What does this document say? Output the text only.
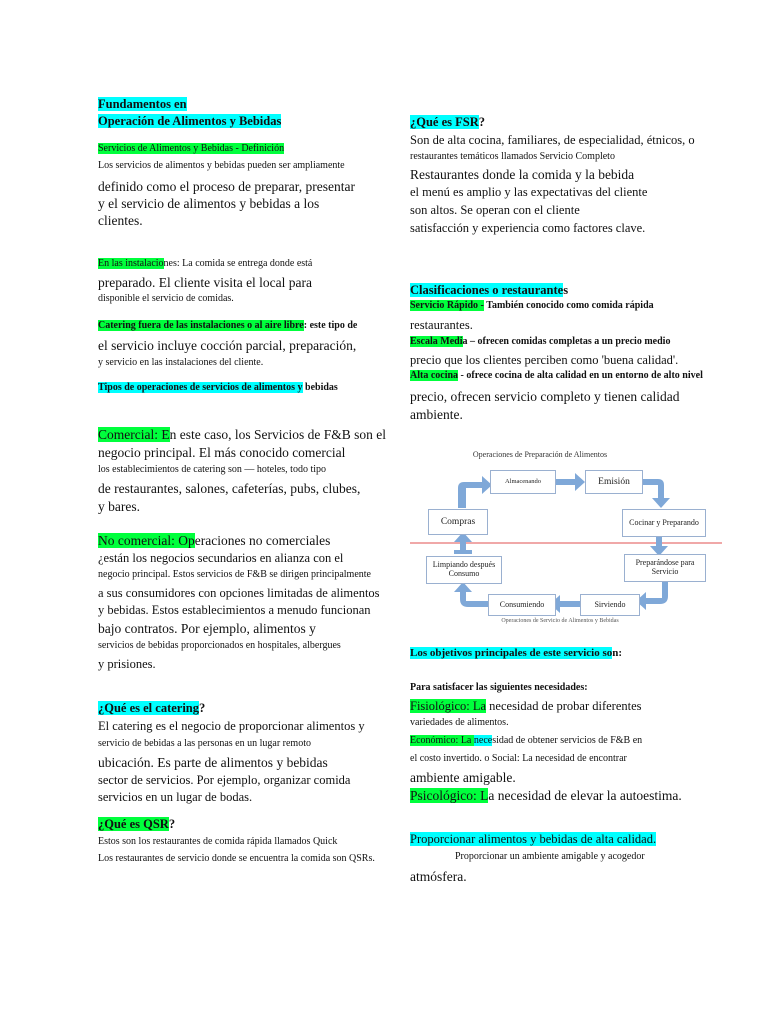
Fundamentos en
Operación de Alimentos y Bebidas
Servicios de Alimentos y Bebidas - Definición
Los servicios de alimentos y bebidas pueden ser ampliamente
definido como el proceso de preparar, presentar
y el servicio de alimentos y bebidas a los
clientes.
En las instalaciones: La comida se entrega donde está
preparado. El cliente visita el local para
disponible el servicio de comidas.
Catering fuera de las instalaciones o al aire libre: este tipo de
el servicio incluye cocción parcial, preparación,
y servicio en las instalaciones del cliente.
Tipos de operaciones de servicios de alimentos y bebidas
Comercial: En este caso, los Servicios de F&B son el
negocio principal. El más conocido comercial
los establecimientos de catering son — hoteles, todo tipo
de restaurantes, salones, cafeterías, pubs, clubes,
y bares.
No comercial: Operaciones no comerciales
¿están los negocios secundarios en alianza con el
negocio principal. Estos servicios de F&B se dirigen principalmente
a sus consumidores con opciones limitadas de alimentos
y bebidas. Estos establecimientos a menudo funcionan
bajo contratos. Por ejemplo, alimentos y
servicios de bebidas proporcionados en hospitales, albergues
y prisiones.
¿Qué es el catering?
El catering es el negocio de proporcionar alimentos y
servicio de bebidas a las personas en un lugar remoto
ubicación. Es parte de alimentos y bebidas
sector de servicios. Por ejemplo, organizar comida
servicios en un lugar de bodas.
¿Qué es QSR?
Estos son los restaurantes de comida rápida llamados Quick
Los restaurantes de servicio donde se encuentra la comida son QSRs.
¿Qué es FSR?
Son de alta cocina, familiares, de especialidad, étnicos, o
restaurantes temáticos llamados Servicio Completo
Restaurantes donde la comida y la bebida
el menú es amplio y las expectativas del cliente
son altos. Se operan con el cliente
satisfacción y experiencia como factores clave.
Clasificaciones o restaurantes
Servicio Rápido - También conocido como comida rápida
restaurantes.
Escala Media – ofrecen comidas completas a un precio medio
precio que los clientes perciben como 'buena calidad'.
Alta cocina - ofrece cocina de alta calidad en un entorno de alto nivel
precio, ofrecen servicio completo y tienen calidad
ambiente.
Operaciones de Preparación de Alimentos
Almacenando	Emisión
Compras	Cocinar y Preparando
Limpiando después Consumo
Preparándose para Servicio
Consumiendo	Sirviendo
Operaciones de Servicio de Alimentos y Bebidas
Los objetivos principales de este servicio son:
Para satisfacer las siguientes necesidades:
Fisiológico: La necesidad de probar diferentes
variedades de alimentos.
Económico: La necesidad de obtener servicios de F&B en
el costo invertido. o Social: La necesidad de encontrar
ambiente amigable.
Psicológico: La necesidad de elevar la autoestima.
Proporcionar alimentos y bebidas de alta calidad.
Proporcionar un ambiente amigable y acogedor
atmósfera.
